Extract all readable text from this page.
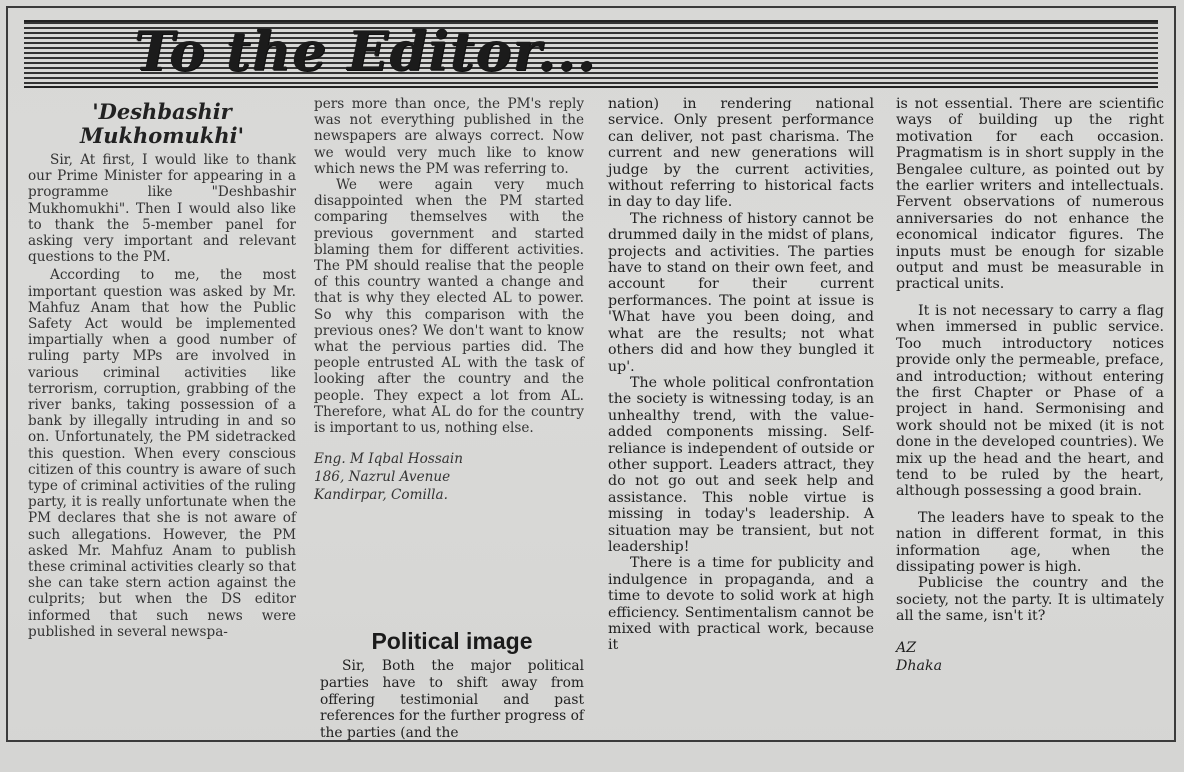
To the Editor...
'Deshbashir Mukhomukhi'

Sir, At first, I would like to thank our Prime Minister for appearing in a programme like "Deshbashir Mukhomukhi". Then I would also like to thank the 5-member panel for asking very important and relevant questions to the PM.

According to me, the most important question was asked by Mr. Mahfuz Anam that how the Public Safety Act would be implemented impartially when a good number of ruling party MPs are involved in various criminal activities like terrorism, corruption, grabbing of the river banks, taking possession of a bank by illegally intruding in and so on. Unfortunately, the PM sidetracked this question. When every conscious citizen of this country is aware of such type of criminal activities of the ruling party, it is really unfortunate when the PM declares that she is not aware of such allegations. However, the PM asked Mr. Mahfuz Anam to publish these criminal activities clearly so that she can take stern action against the culprits; but when the DS editor informed that such news were published in several newspa-

pers more than once, the PM's reply was not everything published in the newspapers are always correct. Now we would very much like to know which news the PM was referring to.

We were again very much disappointed when the PM started comparing themselves with the previous government and started blaming them for different activities. The PM should realise that the people of this country wanted a change and that is why they elected AL to power. So why this comparison with the previous ones? We don't want to know what the pervious parties did. The people entrusted AL with the task of looking after the country and the people. They expect a lot from AL. Therefore, what AL do for the country is important to us, nothing else.

Eng. M Iqbal Hossain
186, Nazrul Avenue
Kandirpar, Comilla.

Political image

Sir, Both the major political parties have to shift away from offering testimonial and past references for the further progress of the parties (and the

nation) in rendering national service. Only present performance can deliver, not past charisma. The current and new generations will judge by the current activities, without referring to historical facts in day to day life.

The richness of history cannot be drummed daily in the midst of plans, projects and activities. The parties have to stand on their own feet, and account for their current performances. The point at issue is 'What have you been doing, and what are the results; not what others did and how they bungled it up'.

The whole political confrontation the society is witnessing today, is an unhealthy trend, with the value-added components missing. Self-reliance is independent of outside or other support. Leaders attract, they do not go out and seek help and assistance. This noble virtue is missing in today's leadership. A situation may be transient, but not leadership!

There is a time for publicity and indulgence in propaganda, and a time to devote to solid work at high efficiency. Sentimentalism cannot be mixed with practical work, because it

is not essential. There are scientific ways of building up the right motivation for each occasion. Pragmatism is in short supply in the Bengalee culture, as pointed out by the earlier writers and intellectuals. Fervent observations of numerous anniversaries do not enhance the economical indicator figures. The inputs must be enough for sizable output and must be measurable in practical units.

It is not necessary to carry a flag when immersed in public service. Too much introductory notices provide only the permeable, preface, and introduction; without entering the first Chapter or Phase of a project in hand. Sermonising and work should not be mixed (it is not done in the developed countries). We mix up the head and the heart, and tend to be ruled by the heart, although possessing a good brain.

The leaders have to speak to the nation in different format, in this information age, when the dissipating power is high.

Publicise the country and the society, not the party. It is ultimately all the same, isn't it?

AZ
Dhaka
